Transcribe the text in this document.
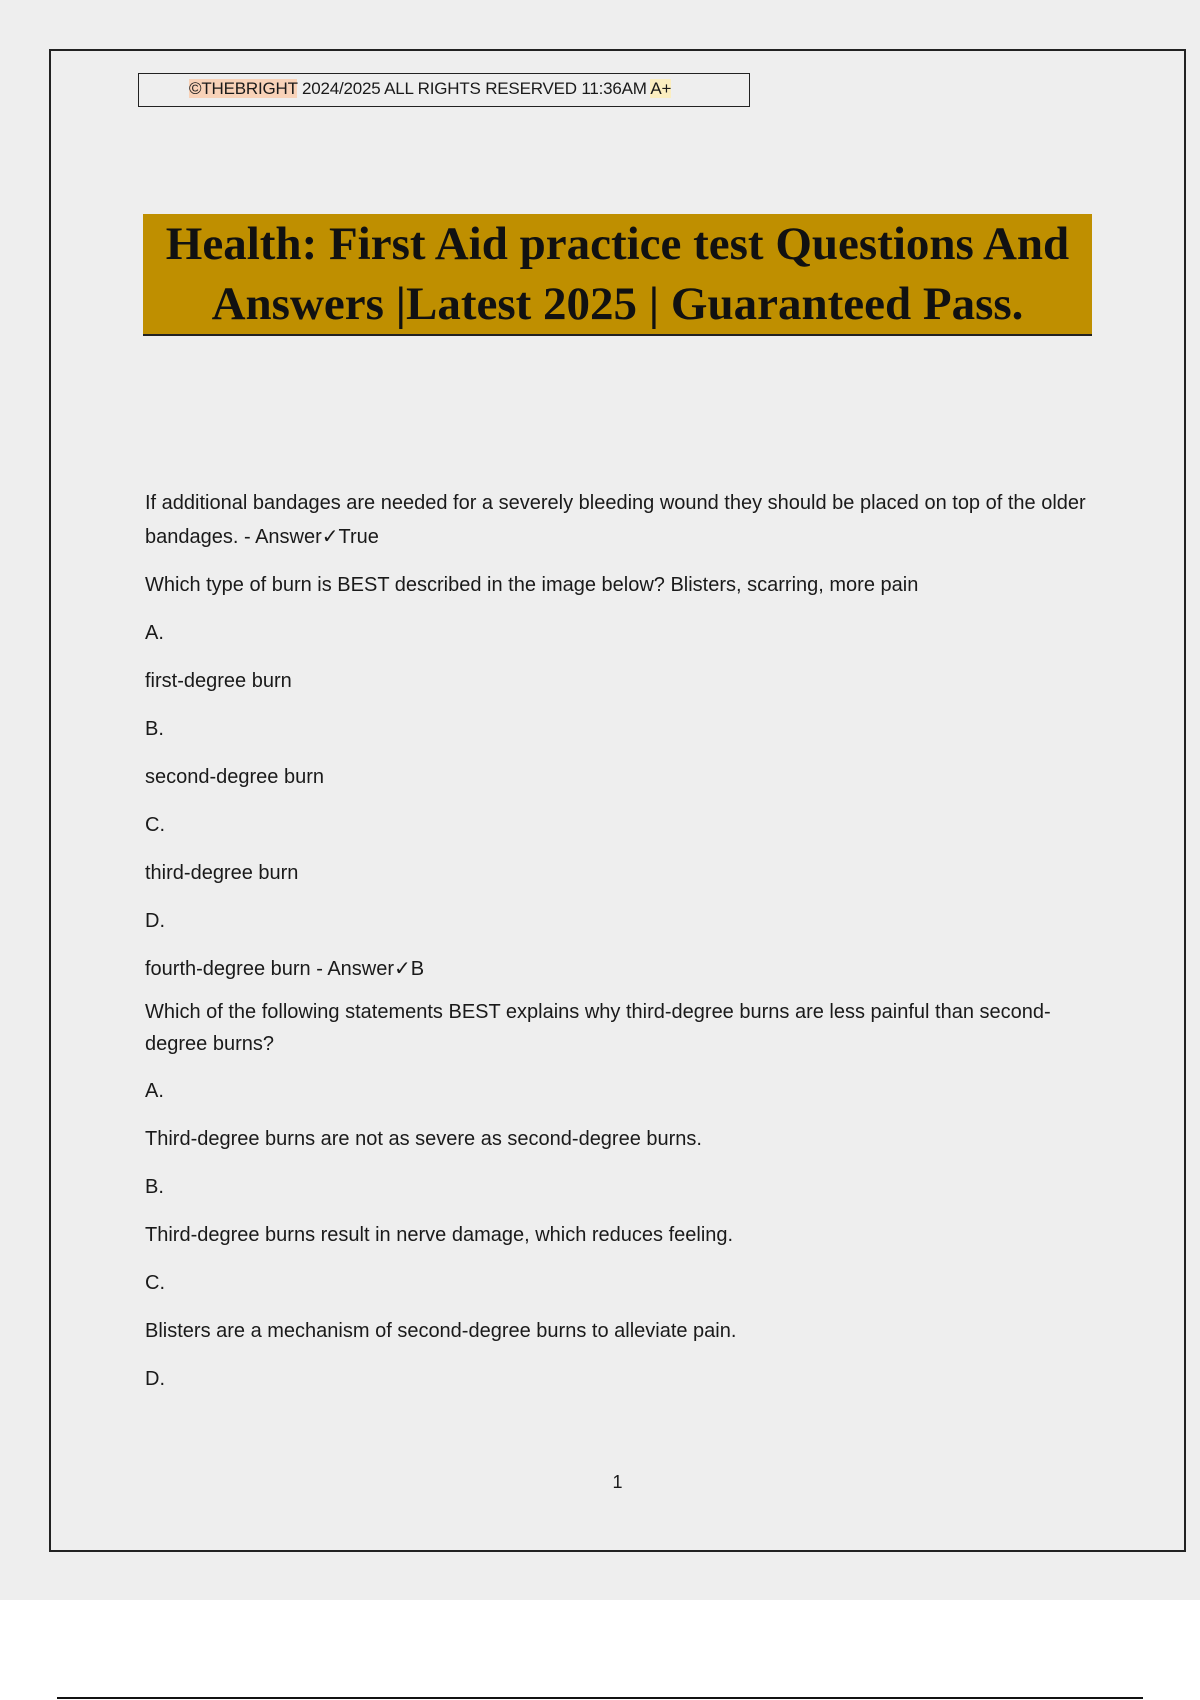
©THEBRIGHT 2024/2025 ALL RIGHTS RESERVED 11:36AM A+
Health: First Aid practice test Questions And
Answers |Latest 2025 | Guaranteed Pass.

If additional bandages are needed for a severely bleeding wound they should be placed on top of the older bandages. - Answer✓True

Which type of burn is BEST described in the image below? Blisters, scarring, more pain

A.

first-degree burn

B.

second-degree burn

C.

third-degree burn

D.

fourth-degree burn - Answer✓B

Which of the following statements BEST explains why third-degree burns are less painful than second-degree burns?

A.

Third-degree burns are not as severe as second-degree burns.

B.

Third-degree burns result in nerve damage, which reduces feeling.

C.

Blisters are a mechanism of second-degree burns to alleviate pain.

D.

1
